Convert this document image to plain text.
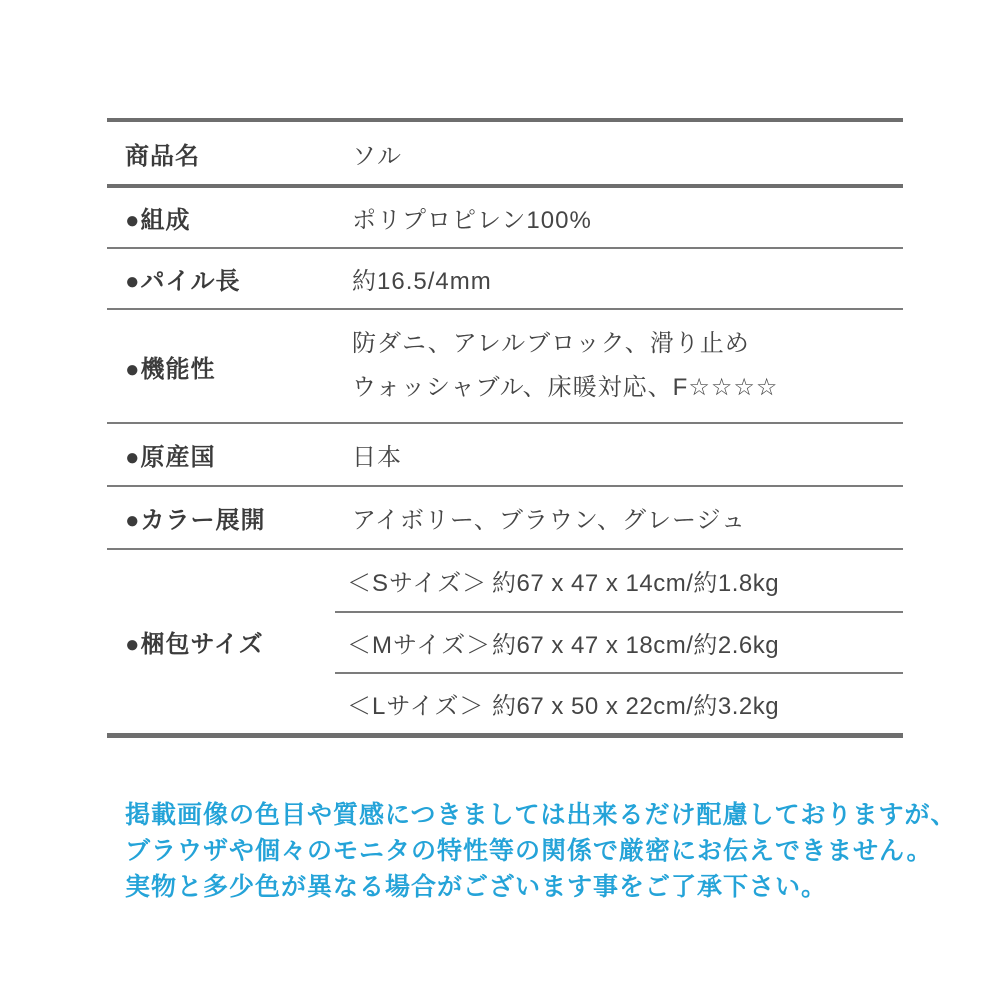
商品名	ソル
●組成	ポリプロピレン100%
●パイル長	約16.5/4mm
●機能性
防ダニ、アレルブロック、滑り止め
ウォッシャブル、床暖対応、F☆☆☆☆
●原産国	日本
●カラー展開	アイボリー、ブラウン、グレージュ
●梱包サイズ
＜Sサイズ＞ 約67 x 47 x 14cm/約1.8kg
＜Mサイズ＞ 約67 x 47 x 18cm/約2.6kg
＜Lサイズ＞ 約67 x 50 x 22cm/約3.2kg
掲載画像の色目や質感につきましては出来るだけ配慮しておりますが、
ブラウザや個々のモニタの特性等の関係で厳密にお伝えできません。
実物と多少色が異なる場合がございます事をご了承下さい。
